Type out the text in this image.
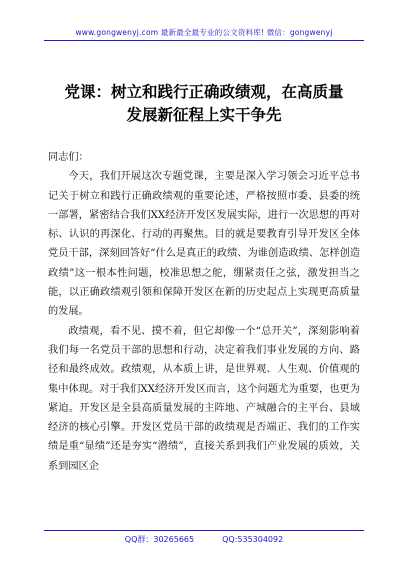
www.gongwenyj.com 最新最全最专业的公文资料库! 微信：gongwenyj
党课：树立和践行正确政绩观，在高质量
发展新征程上实干争先

同志们：

今天，我们开展这次专题党课，主要是深入学习领会习近平总书记关于树立和践行正确政绩观的重要论述，严格按照市委、县委的统一部署，紧密结合我们XX经济开发区发展实际，进行一次思想的再对标、认识的再深化、行动的再聚焦。目的就是要教育引导开发区全体党员干部，深刻回答好“什么是真正的政绩、为谁创造政绩、怎样创造政绩”这一根本性问题，校准思想之舵，绷紧责任之弦，激发担当之能，以正确政绩观引领和保障开发区在新的历史起点上实现更高质量的发展。

政绩观，看不见、摸不着，但它却像一个“总开关”，深刻影响着我们每一名党员干部的思想和行动，决定着我们事业发展的方向、路径和最终成效。政绩观，从本质上讲，是世界观、人生观、价值观的集中体现。对于我们XX经济开发区而言，这个问题尤为重要，也更为紧迫。开发区是全县高质量发展的主阵地、产城融合的主平台、县域经济的核心引擎。开发区党员干部的政绩观是否端正、我们的工作实绩是重“显绩”还是夯实“潜绩”，直接关系到我们产业发展的质效，关系到园区企

QQ群：30265665	QQ:535304092
